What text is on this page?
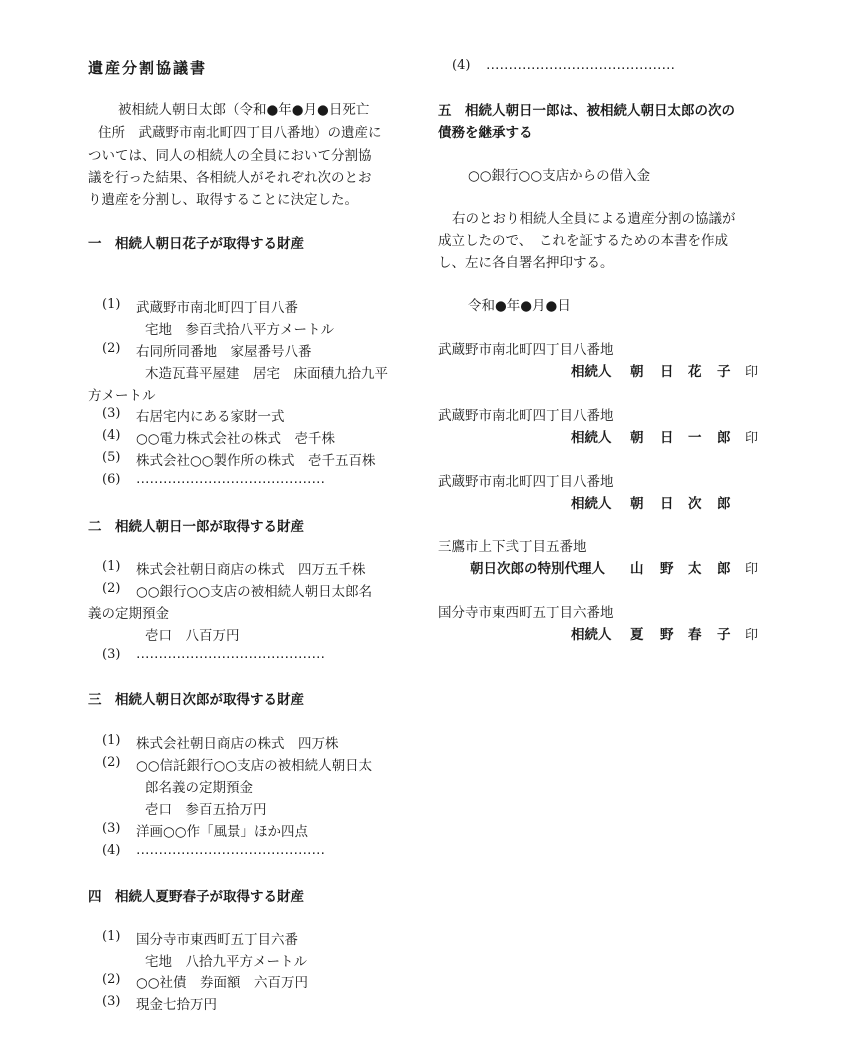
遺産分割協議書
被相続人朝日太郎（令和●年●月●日死亡
住所　武蔵野市南北町四丁目八番地）の遺産に
ついては、同人の相続人の全員において分割協
議を行った結果、各相続人がそれぞれ次のとお
り遺産を分割し、取得することに決定した。
一　相続人朝日花子が取得する財産
(1) 武蔵野市南北町四丁目八番
宅地　参百弐拾八平方メートル
(2) 右同所同番地　家屋番号八番
木造瓦葺平屋建　居宅　床面積九拾九平
方メートル
(3) 右居宅内にある家財一式
(4) ○○電力株式会社の株式　壱千株
(5) 株式会社○○製作所の株式　壱千五百株
(6) ……………………………………
二　相続人朝日一郎が取得する財産
(1) 株式会社朝日商店の株式　四万五千株
(2) ○○銀行○○支店の被相続人朝日太郎名
義の定期預金
壱口　八百万円
(3) ……………………………………
三　相続人朝日次郎が取得する財産
(1) 株式会社朝日商店の株式　四万株
(2) ○○信託銀行○○支店の被相続人朝日太
郎名義の定期預金
壱口　参百五拾万円
(3) 洋画○○作「風景」ほか四点
(4) ……………………………………
四　相続人夏野春子が取得する財産
(1) 国分寺市東西町五丁目六番
宅地　八拾九平方メートル
(2) ○○社債　券面額　六百万円
(3) 現金七拾万円
(4) ……………………………………
五　相続人朝日一郎は、被相続人朝日太郎の次の
債務を継承する
○○銀行○○支店からの借入金
右のとおり相続人全員による遺産分割の協議が
成立したので、　これを証するための本書を作成
し、左に各自署名押印する。
令和●年●月●日
武蔵野市南北町四丁目八番地
相続人 朝 日 花 子 印
武蔵野市南北町四丁目八番地
相続人 朝 日 一 郎 印
武蔵野市南北町四丁目八番地
相続人 朝 日 次 郎
三鷹市上下弐丁目五番地
朝日次郎の特別代理人 山 野 太 郎 印
国分寺市東西町五丁目六番地
相続人 夏 野 春 子 印
